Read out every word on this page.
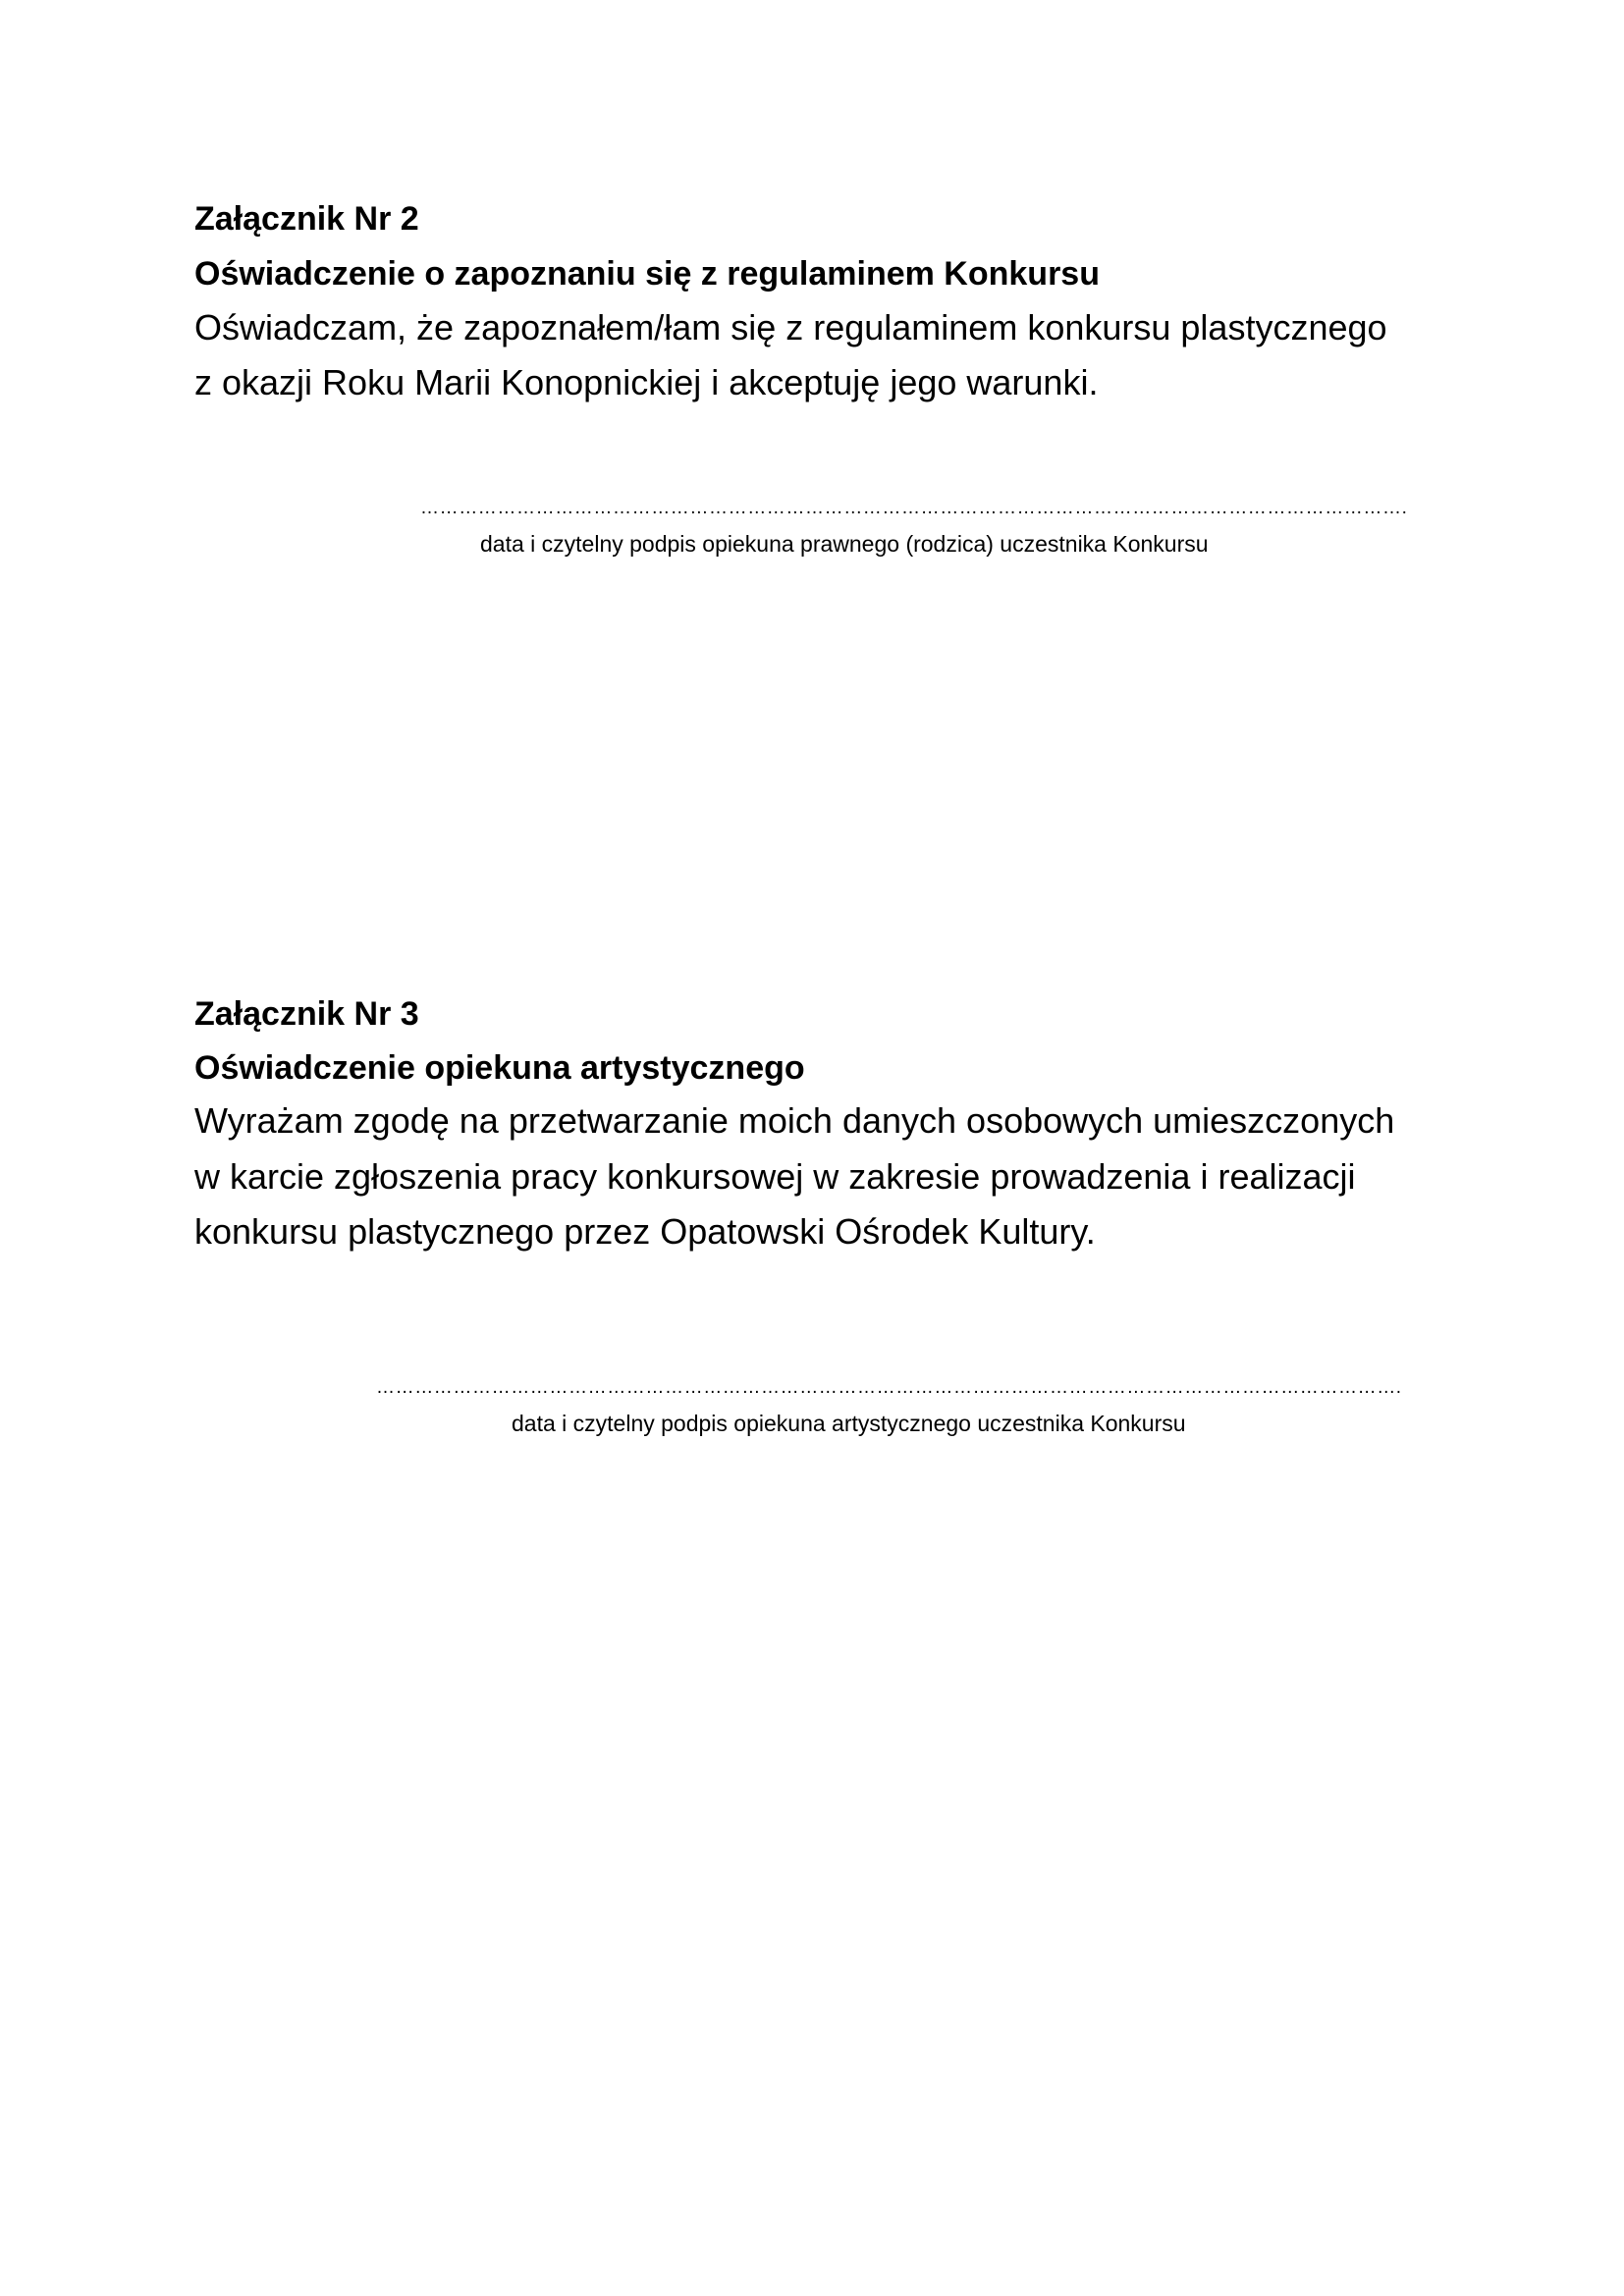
Załącznik Nr 2

Oświadczenie o zapoznaniu się z regulaminem Konkursu

Oświadczam, że zapoznałem/łam się z regulaminem konkursu plastycznego

z okazji Roku Marii Konopnickiej i akceptuję jego warunki.

……………………………………………………………………………………………………………………………………….

data i czytelny podpis opiekuna prawnego (rodzica) uczestnika Konkursu

Załącznik Nr 3

Oświadczenie opiekuna artystycznego

Wyrażam zgodę na przetwarzanie moich danych osobowych umieszczonych

w karcie zgłoszenia pracy konkursowej w zakresie prowadzenia i realizacji

konkursu plastycznego przez Opatowski Ośrodek Kultury.

…………………………………………………………………………………………………………………………………………….

data i czytelny podpis opiekuna artystycznego uczestnika Konkursu
